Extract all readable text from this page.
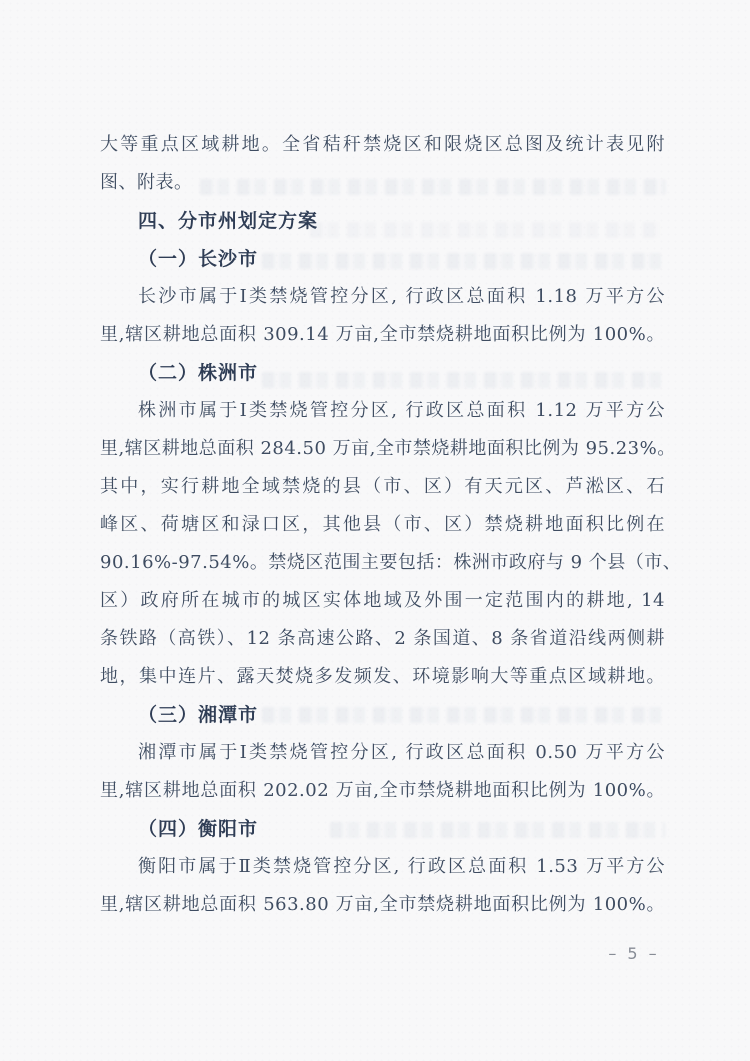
大等重点区域耕地。全省秸秆禁烧区和限烧区总图及统计表见附
图、附表。
四、分市州划定方案
（一）长沙市
长沙市属于Ⅰ类禁烧管控分区, 行政区总面积 1.18 万平方公
里,辖区耕地总面积 309.14 万亩,全市禁烧耕地面积比例为 100%。
（二）株洲市
株洲市属于Ⅰ类禁烧管控分区, 行政区总面积 1.12 万平方公
里,辖区耕地总面积 284.50 万亩,全市禁烧耕地面积比例为 95.23%。
其中，实行耕地全域禁烧的县（市、区）有天元区、芦淞区、石
峰区、荷塘区和渌口区，其他县（市、区）禁烧耕地面积比例在
90.16%-97.54%。禁烧区范围主要包括：株洲市政府与 9 个县（市、
区）政府所在城市的城区实体地域及外围一定范围内的耕地, 14
条铁路（高铁）、12 条高速公路、2 条国道、8 条省道沿线两侧耕
地，集中连片、露天焚烧多发频发、环境影响大等重点区域耕地。
（三）湘潭市
湘潭市属于Ⅰ类禁烧管控分区, 行政区总面积 0.50 万平方公
里,辖区耕地总面积 202.02 万亩,全市禁烧耕地面积比例为 100%。
（四）衡阳市
衡阳市属于Ⅱ类禁烧管控分区, 行政区总面积 1.53 万平方公
里,辖区耕地总面积 563.80 万亩,全市禁烧耕地面积比例为 100%。
– 5 –
